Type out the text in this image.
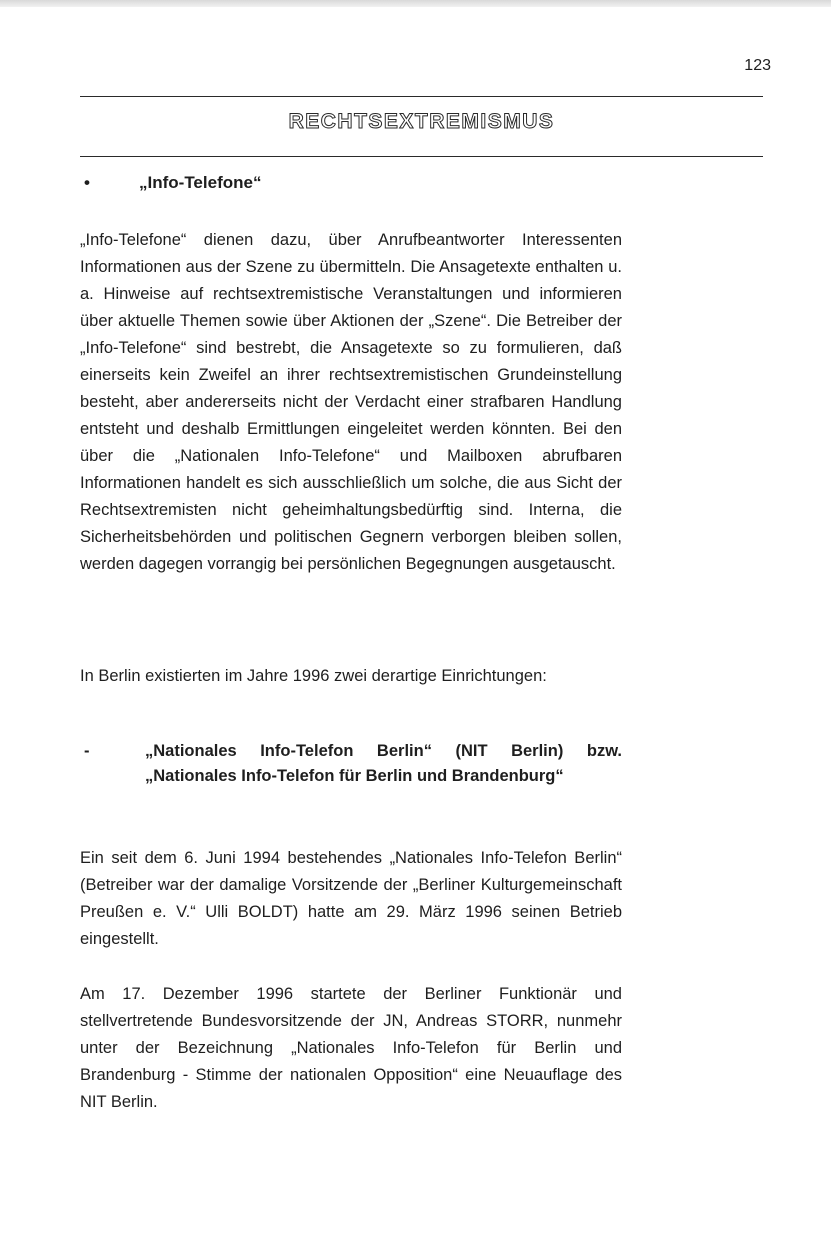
123
RECHTSEXTREMISMUS
•	„Info-Telefone“

„Info-Telefone“ dienen dazu, über Anrufbeantworter Interessenten Informationen aus der Szene zu übermitteln. Die Ansagetexte enthalten u. a. Hinweise auf rechtsextremistische Veranstaltungen und informieren über aktuelle Themen sowie über Aktionen der „Szene“. Die Betreiber der „Info-Telefone“ sind bestrebt, die Ansagetexte so zu formulieren, daß einerseits kein Zweifel an ihrer rechtsextremistischen Grundeinstellung besteht, aber andererseits nicht der Verdacht einer strafbaren Handlung entsteht und deshalb Ermittlungen eingeleitet werden könnten. Bei den über die „Nationalen Info-Telefone“ und Mailboxen abrufbaren Informationen handelt es sich ausschließlich um solche, die aus Sicht der Rechtsextremisten nicht geheimhaltungsbedürftig sind. Interna, die Sicherheitsbehörden und politischen Gegnern verborgen bleiben sollen, werden dagegen vorrangig bei persönlichen Begegnungen ausgetauscht.

In Berlin existierten im Jahre 1996 zwei derartige Einrichtungen:

-	„Nationales Info-Telefon Berlin“ (NIT Berlin) bzw. „Nationales Info-Telefon für Berlin und Brandenburg“

Ein seit dem 6. Juni 1994 bestehendes „Nationales Info-Telefon Berlin“ (Betreiber war der damalige Vorsitzende der „Berliner Kulturgemeinschaft Preußen e. V.“ Ulli BOLDT) hatte am 29. März 1996 seinen Betrieb eingestellt.

Am 17. Dezember 1996 startete der Berliner Funktionär und stellvertretende Bundesvorsitzende der JN, Andreas STORR, nunmehr unter der Bezeichnung „Nationales Info-Telefon für Berlin und Brandenburg - Stimme der nationalen Opposition“ eine Neuauflage des NIT Berlin.
